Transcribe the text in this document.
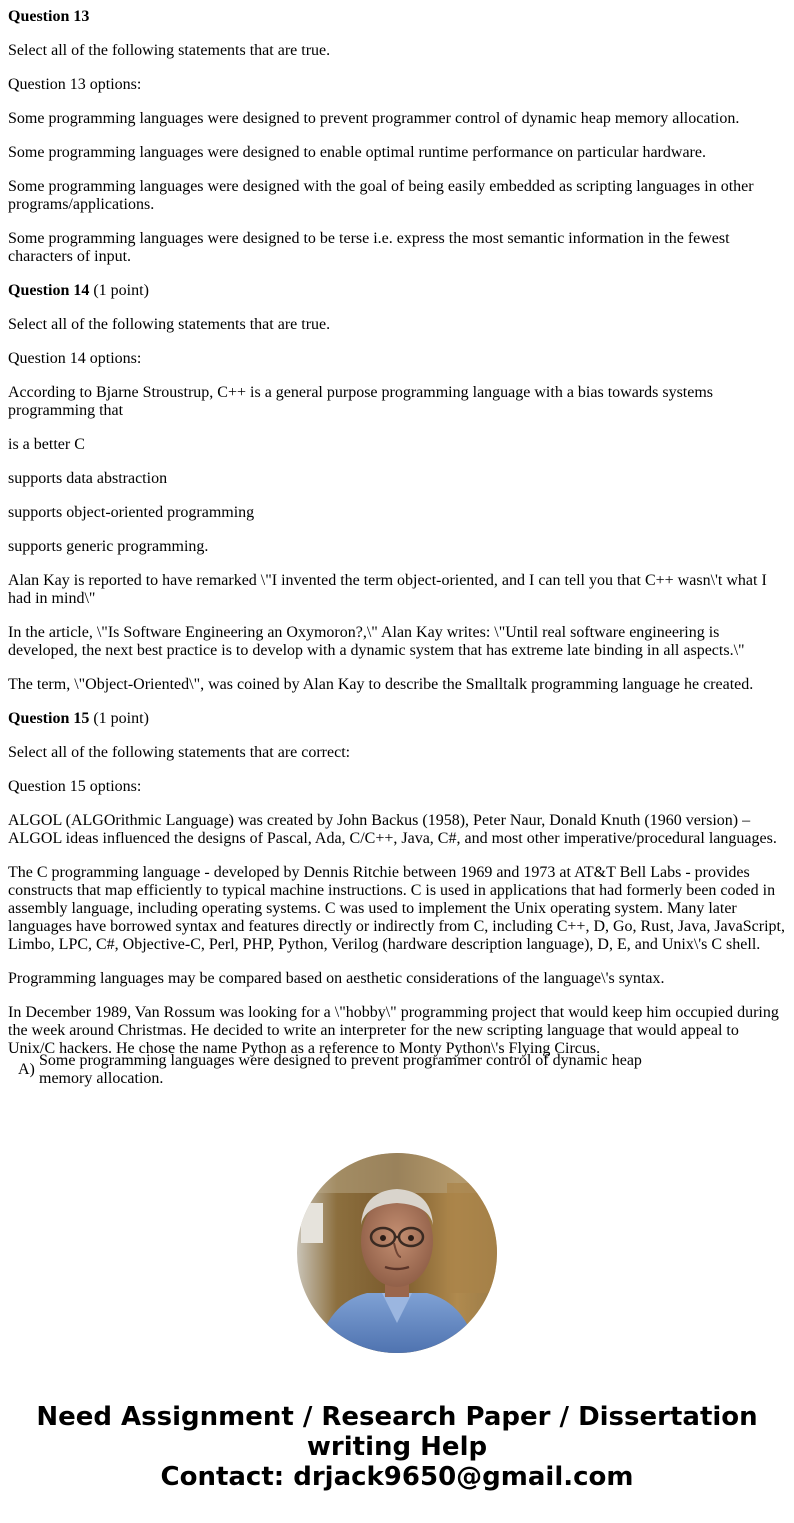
Question 13

Select all of the following statements that are true.

Question 13 options:

Some programming languages were designed to prevent programmer control of dynamic heap memory allocation.

Some programming languages were designed to enable optimal runtime performance on particular hardware.

Some programming languages were designed with the goal of being easily embedded as scripting languages in other programs/applications.

Some programming languages were designed to be terse i.e. express the most semantic information in the fewest characters of input.

Question 14 (1 point)

Select all of the following statements that are true.

Question 14 options:

According to Bjarne Stroustrup, C++ is a general purpose programming language with a bias towards systems programming that

is a better C

supports data abstraction

supports object-oriented programming

supports generic programming.

Alan Kay is reported to have remarked \"I invented the term object-oriented, and I can tell you that C++ wasn\'t what I had in mind\"

In the article, \"Is Software Engineering an Oxymoron?,\" Alan Kay writes: \"Until real software engineering is developed, the next best practice is to develop with a dynamic system that has extreme late binding in all aspects.\"

The term, \"Object-Oriented\", was coined by Alan Kay to describe the Smalltalk programming language he created.

Question 15 (1 point)

Select all of the following statements that are correct:

Question 15 options:

ALGOL (ALGOrithmic Language) was created by John Backus (1958), Peter Naur, Donald Knuth (1960 version) – ALGOL ideas influenced the designs of Pascal, Ada, C/C++, Java, C#, and most other imperative/procedural languages.

The C programming language - developed by Dennis Ritchie between 1969 and 1973 at AT&T Bell Labs - provides constructs that map efficiently to typical machine instructions. C is used in applications that had formerly been coded in assembly language, including operating systems. C was used to implement the Unix operating system. Many later languages have borrowed syntax and features directly or indirectly from C, including C++, D, Go, Rust, Java, JavaScript, Limbo, LPC, C#, Objective-C, Perl, PHP, Python, Verilog (hardware description language), D, E, and Unix\'s C shell.

Programming languages may be compared based on aesthetic considerations of the language\'s syntax.

In December 1989, Van Rossum was looking for a \"hobby\" programming project that would keep him occupied during the week around Christmas. He decided to write an interpreter for the new scripting language that would appeal to Unix/C hackers. He chose the name Python as a reference to Monty Python\'s Flying Circus.

A)
Some programming languages were designed to prevent programmer control of dynamic heap memory allocation.
Need Assignment / Research Paper / Dissertation
writing Help
Contact: drjack9650@gmail.com
